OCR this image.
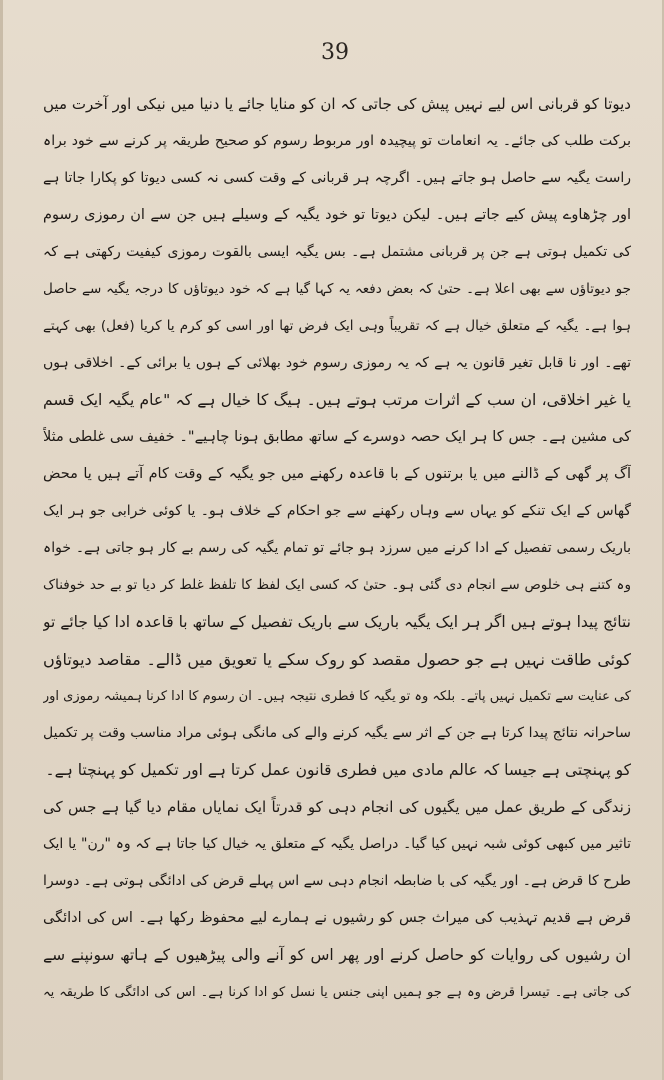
39
دیوتا کو قربانی اس لیے نہیں پیش کی جاتی کہ ان کو منایا جائے یا دنیا میں نیکی اور آخرت میں
برکت طلب کی جائے۔ یہ انعامات تو پیچیدہ اور مربوط رسوم کو صحیح طریقہ پر کرنے سے خود براہ
راست یگیہ سے حاصل ہو جاتے ہیں۔ اگرچہ ہر قربانی کے وقت کسی نہ کسی دیوتا کو پکارا جاتا ہے
اور چڑھاوے پیش کیے جاتے ہیں۔ لیکن دیوتا تو خود یگیہ کے وسیلے ہیں جن سے ان رموزی رسوم
کی تکمیل ہوتی ہے جن پر قربانی مشتمل ہے۔ بس یگیہ ایسی بالقوت رموزی کیفیت رکھتی ہے کہ
جو دیوتاؤں سے بھی اعلا ہے۔ حتیٰ کہ بعض دفعہ یہ کہا گیا ہے کہ خود دیوتاؤں کا درجہ یگیہ سے حاصل
ہوا ہے۔ یگیہ کے متعلق خیال ہے کہ تقریباً وہی ایک فرض تھا اور اسی کو کرم یا کریا (فعل) بھی کہتے
تھے۔ اور نا قابل تغیر قانون یہ ہے کہ یہ رموزی رسوم خود بھلائی کے ہوں یا برائی کے۔ اخلاقی ہوں
یا غیر اخلاقی، ان سب کے اثرات مرتب ہوتے ہیں۔ ہیگ کا خیال ہے کہ "عام یگیہ ایک قسم
کی مشین ہے۔ جس کا ہر ایک حصہ دوسرے کے ساتھ مطابق ہونا چاہیے"۔ خفیف سی غلطی مثلاً
آگ پر گھی کے ڈالنے میں یا برتنوں کے با قاعدہ رکھنے میں جو یگیہ کے وقت کام آتے ہیں یا محض
گھاس کے ایک تنکے کو یہاں سے وہاں رکھنے سے جو احکام کے خلاف ہو۔ یا کوئی خرابی جو ہر ایک
باریک رسمی تفصیل کے ادا کرنے میں سرزد ہو جائے تو تمام یگیہ کی رسم بے کار ہو جاتی ہے۔ خواہ
وہ کتنے ہی خلوص سے انجام دی گئی ہو۔ حتیٰ کہ کسی ایک لفظ کا تلفظ غلط کر دیا تو بے حد خوفناک
نتائج پیدا ہوتے ہیں اگر ہر ایک یگیہ باریک سے باریک تفصیل کے ساتھ با قاعدہ ادا کیا جائے تو
کوئی طاقت نہیں ہے جو حصول مقصد کو روک سکے یا تعویق میں ڈالے۔ مقاصد دیوتاؤں
کی عنایت سے تکمیل نہیں پاتے۔ بلکہ وہ تو یگیہ کا فطری نتیجہ ہیں۔ ان رسوم کا ادا کرنا ہمیشہ رموزی اور
ساحرانہ نتائج پیدا کرتا ہے جن کے اثر سے یگیہ کرنے والے کی مانگی ہوئی مراد مناسب وقت پر تکمیل
کو پہنچتی ہے جیسا کہ عالم مادی میں فطری قانون عمل کرتا ہے اور تکمیل کو پہنچتا ہے۔
زندگی کے طریق عمل میں یگیوں کی انجام دہی کو قدرتاً ایک نمایاں مقام دیا گیا ہے جس کی
تاثیر میں کبھی کوئی شبہ نہیں کیا گیا۔ دراصل یگیہ کے متعلق یہ خیال کیا جاتا ہے کہ وہ "رن" یا ایک
طرح کا قرض ہے۔ اور یگیہ کی با ضابطہ انجام دہی سے اس پہلے قرض کی ادائگی ہوتی ہے۔ دوسرا
قرض ہے قدیم تہذیب کی میراث جس کو رشیوں نے ہمارے لیے محفوظ رکھا ہے۔ اس کی ادائگی
ان رشیوں کی روایات کو حاصل کرنے اور پھر اس کو آنے والی پیڑھیوں کے ہاتھ سونپنے سے
کی جاتی ہے۔ تیسرا قرض وہ ہے جو ہمیں اپنی جنس یا نسل کو ادا کرنا ہے۔ اس کی ادائگی کا طریقہ یہ
